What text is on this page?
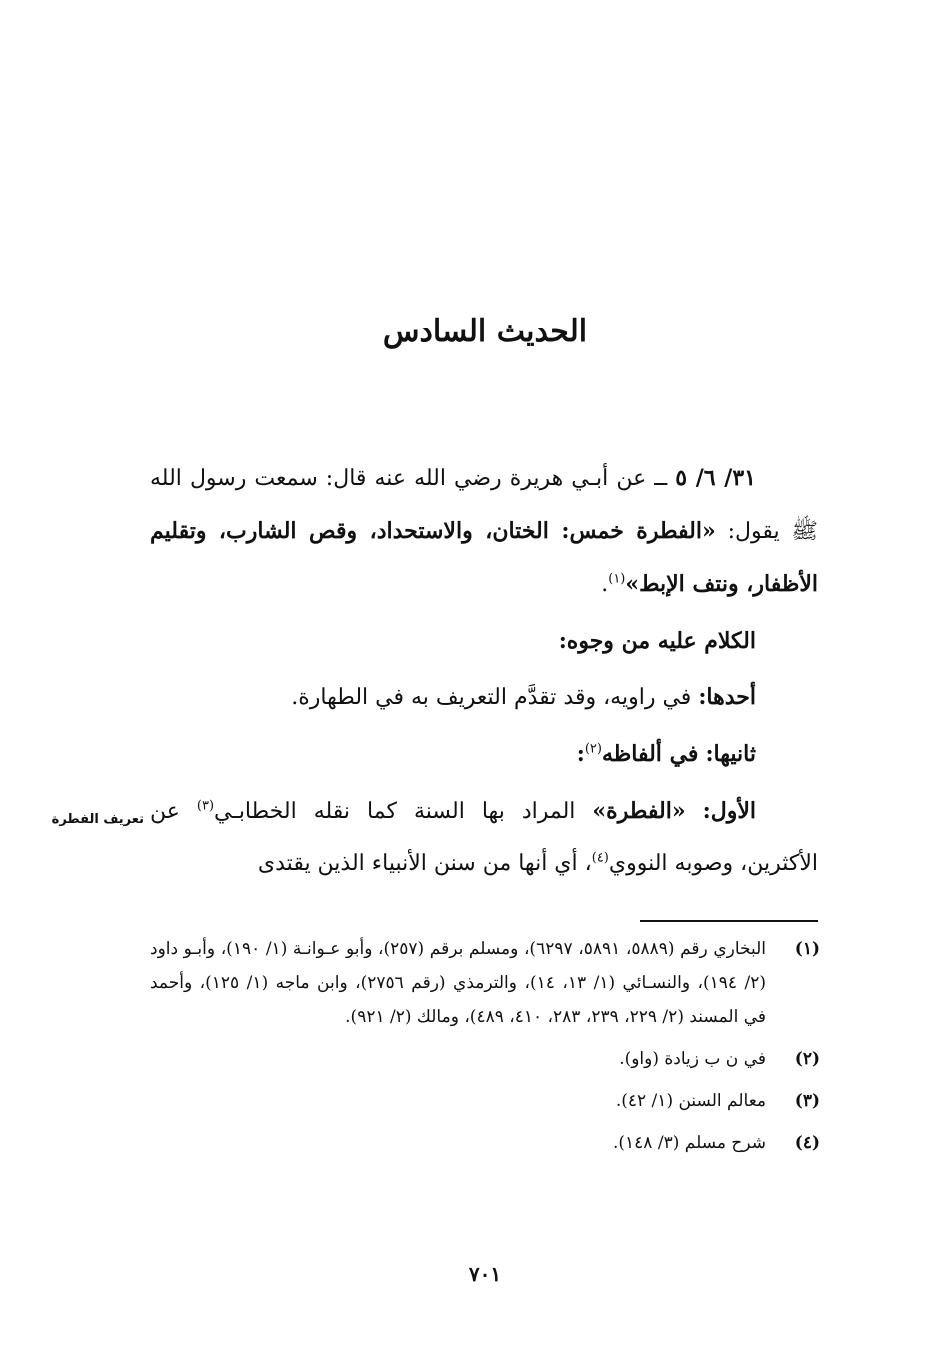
الحديث السادس

٣١/ ٦/ ٥ ــ عن أبـي هريرة رضي الله عنه قال: سمعت رسول الله ﷺ يقول: «الفطرة خمس: الختان، والاستحداد، وقص الشارب، وتقليم الأظفار، ونتف الإبط»$^{(١)}$.

الكلام عليه من وجوه:

أحدها: في راويه، وقد تقدَّم التعريف به في الطهارة.

ثانيها: في ألفاظه$^{(٢)}$:

الأول: «الفطرة» المراد بها السنة كما نقله الخطابـي$^{(٣)}$ عن الأكثرين، وصوبه النووي$^{(٤)}$، أي أنها من سنن الأنبياء الذين يقتدى

تعريف الفطرة
(١)
البخاري رقم (٥٨٨٩، ٥٨٩١، ٦٢٩٧)، ومسلم برقم (٢٥٧)، وأبو عـوانـة (١/ ١٩٠)، وأبـو داود (٢/ ١٩٤)، والنسـائي (١/ ١٣، ١٤)، والترمذي (رقم ٢٧٥٦)، وابن ماجه (١/ ١٢٥)، وأحمد في المسند (٢/ ٢٢٩، ٢٣٩، ٢٨٣، ٤١٠، ٤٨٩)، ومالك (٢/ ٩٢١).
(٢)
في ن ب زيادة (واو).
(٣)
معالم السنن (١/ ٤٢).
(٤)
شرح مسلم (٣/ ١٤٨).
٧٠١
